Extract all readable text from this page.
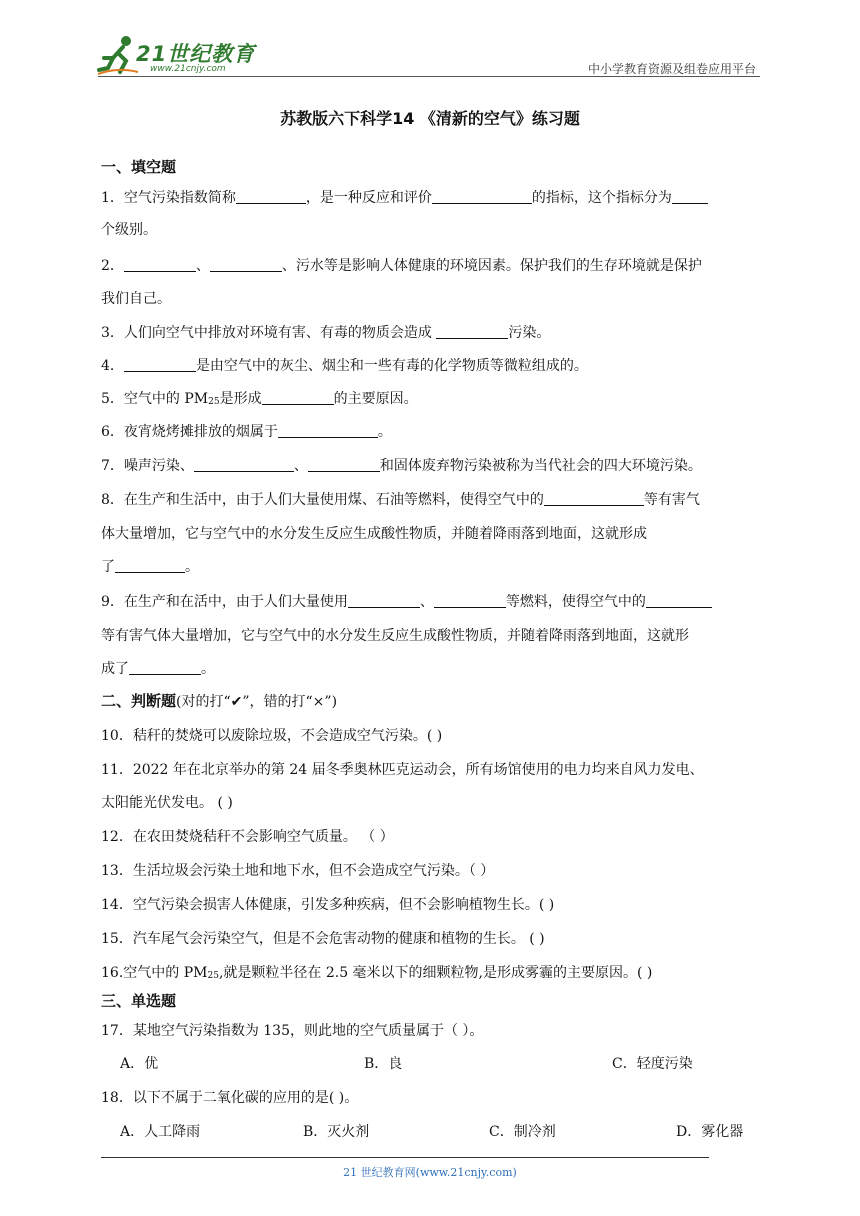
21世纪教育
www.21cnjy.com	中小学教育资源及组卷应用平台
苏教版六下科学14 《清新的空气》练习题
一、填空题
1．空气污染指数简称	，是一种反应和评价	的指标，这个指标分为
个级别。
2．	、	、污水等是影响人体健康的环境因素。保护我们的生存环境就是保护
我们自己。
3．人们向空气中排放对环境有害、有毒的物质会造成	污染。
4．	是由空气中的灰尘、烟尘和一些有毒的化学物质等微粒组成的。
5．空气中的 PM25是形成	的主要原因。
6．夜宵烧烤摊排放的烟属于	。
7．噪声污染、	、	和固体废弃物污染被称为当代社会的四大环境污染。
8．在生产和生活中，由于人们大量使用煤、石油等燃料，使得空气中的	等有害气
体大量增加，它与空气中的水分发生反应生成酸性物质，并随着降雨落到地面，这就形成
了	。
9．在生产和在活中，由于人们大量使用	、	等燃料，使得空气中的
等有害气体大量增加，它与空气中的水分发生反应生成酸性物质，并随着降雨落到地面，这就形
成了	。
二、判断题(对的打“✔”，错的打“×”)
10．秸秆的焚烧可以废除垃圾，不会造成空气污染。( )
11．2022 年在北京举办的第 24 届冬季奥林匹克运动会，所有场馆使用的电力均来自风力发电、
太阳能光伏发电。 ( )
12．在农田焚烧秸秆不会影响空气质量。 （ ）
13．生活垃圾会污染土地和地下水，但不会造成空气污染。（ ）
14．空气污染会损害人体健康，引发多种疾病，但不会影响植物生长。( )
15．汽车尾气会污染空气，但是不会危害动物的健康和植物的生长。 ( )
16.空气中的 PM25,就是颗粒半径在 2.5 毫米以下的细颗粒物,是形成雾霾的主要原因。( )
三、单选题
17．某地空气污染指数为 135，则此地的空气质量属于（ ）。
A．优	B．良	C．轻度污染
18．以下不属于二氧化碳的应用的是( )。
A．人工降雨	B．灭火剂	C．制冷剂	D．雾化器
21 世纪教育网(www.21cnjy.com)
